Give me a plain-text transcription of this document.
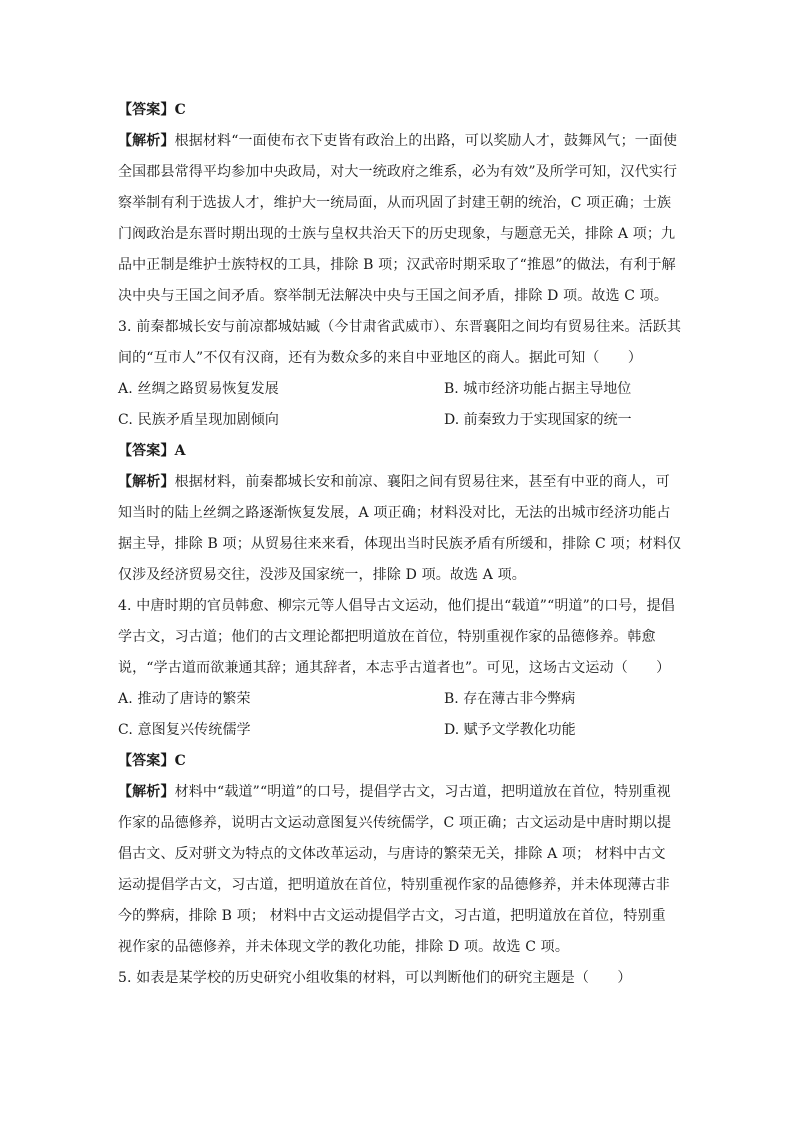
【答案】C
【解析】根据材料“一面使布衣下吏皆有政治上的出路，可以奖励人才，鼓舞风气；一面使
全国郡县常得平均参加中央政局，对大一统政府之维系，必为有效”及所学可知，汉代实行
察举制有利于选拔人才，维护大一统局面，从而巩固了封建王朝的统治，C 项正确；士族
门阀政治是东晋时期出现的士族与皇权共治天下的历史现象，与题意无关，排除 A 项；九
品中正制是维护士族特权的工具，排除 B 项；汉武帝时期采取了“推恩”的做法，有利于解
决中央与王国之间矛盾。察举制无法解决中央与王国之间矛盾，排除 D 项。故选 C 项。
3. 前秦都城长安与前凉都城姑臧（今甘肃省武威市）、东晋襄阳之间均有贸易往来。活跃其
间的“互市人”不仅有汉商，还有为数众多的来自中亚地区的商人。据此可知（　　）
A. 丝绸之路贸易恢复发展	B. 城市经济功能占据主导地位
C. 民族矛盾呈现加剧倾向	D. 前秦致力于实现国家的统一
【答案】A
【解析】根据材料，前秦都城长安和前凉、襄阳之间有贸易往来，甚至有中亚的商人，可
知当时的陆上丝绸之路逐渐恢复发展，A 项正确；材料没对比，无法的出城市经济功能占
据主导，排除 B 项；从贸易往来来看，体现出当时民族矛盾有所缓和，排除 C 项；材料仅
仅涉及经济贸易交往，没涉及国家统一，排除 D 项。故选 A 项。
4. 中唐时期的官员韩愈、柳宗元等人倡导古文运动，他们提出“载道”“明道”的口号，提倡
学古文，习古道；他们的古文理论都把明道放在首位，特别重视作家的品德修养。韩愈
说，“学古道而欲兼通其辞；通其辞者，本志乎古道者也”。可见，这场古文运动（　　）
A. 推动了唐诗的繁荣	B. 存在薄古非今弊病
C. 意图复兴传统儒学	D. 赋予文学教化功能
【答案】C
【解析】材料中“载道”“明道”的口号，提倡学古文，习古道，把明道放在首位，特别重视
作家的品德修养，说明古文运动意图复兴传统儒学，C 项正确；古文运动是中唐时期以提
倡古文、反对骈文为特点的文体改革运动，与唐诗的繁荣无关，排除 A 项； 材料中古文
运动提倡学古文，习古道，把明道放在首位，特别重视作家的品德修养，并未体现薄古非
今的弊病，排除 B 项； 材料中古文运动提倡学古文，习古道，把明道放在首位，特别重
视作家的品德修养，并未体现文学的教化功能，排除 D 项。故选 C 项。
5. 如表是某学校的历史研究小组收集的材料，可以判断他们的研究主题是（　　）
